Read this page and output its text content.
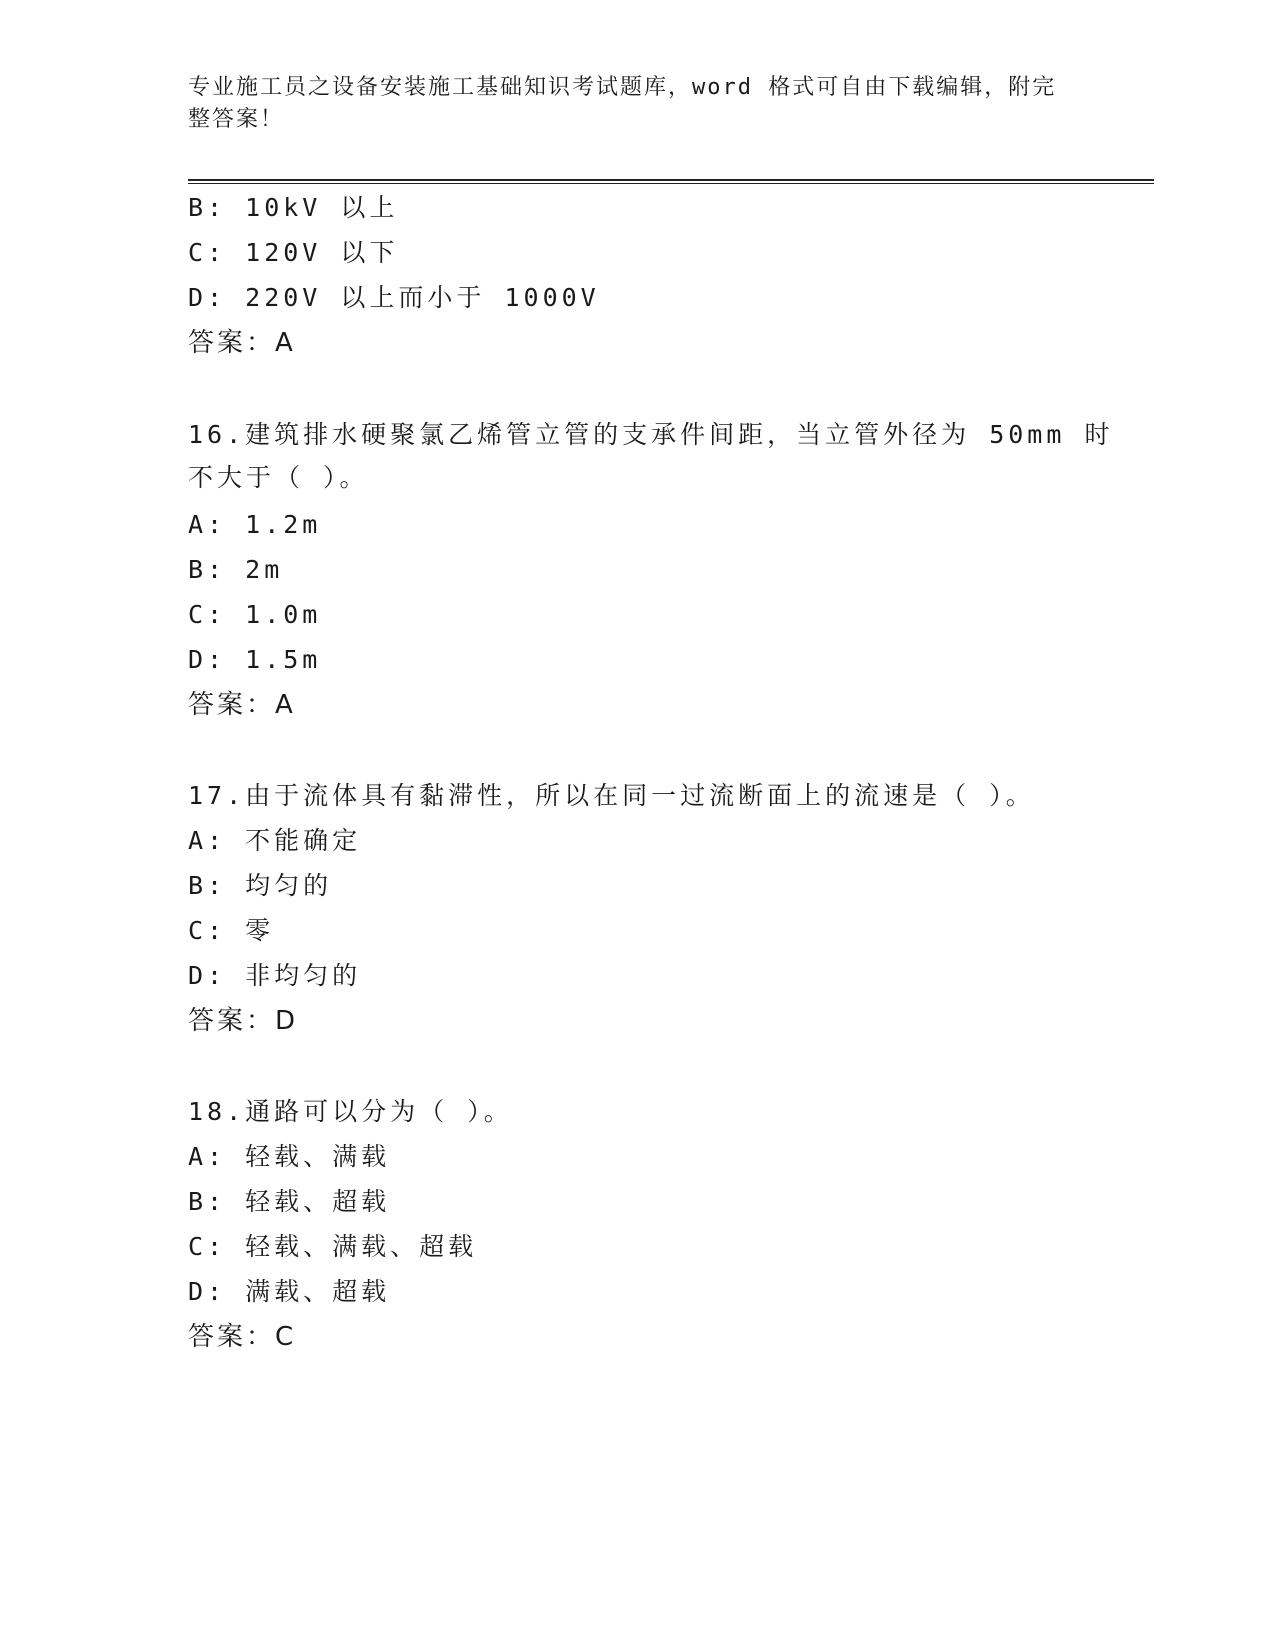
专业施工员之设备安装施工基础知识考试题库，word 格式可自由下载编辑，附完
整答案！
B: 10kV 以上
C: 120V 以下
D: 220V 以上而小于 1000V
答案：A
16.建筑排水硬聚氯乙烯管立管的支承件间距，当立管外径为 50mm 时
不大于（ ）。
A: 1.2m
B: 2m
C: 1.0m
D: 1.5m
答案：A
17.由于流体具有黏滞性，所以在同一过流断面上的流速是（ ）。
A: 不能确定
B: 均匀的
C: 零
D: 非均匀的
答案：D
18.通路可以分为（ ）。
A: 轻载、满载
B: 轻载、超载
C: 轻载、满载、超载
D: 满载、超载
答案：C
